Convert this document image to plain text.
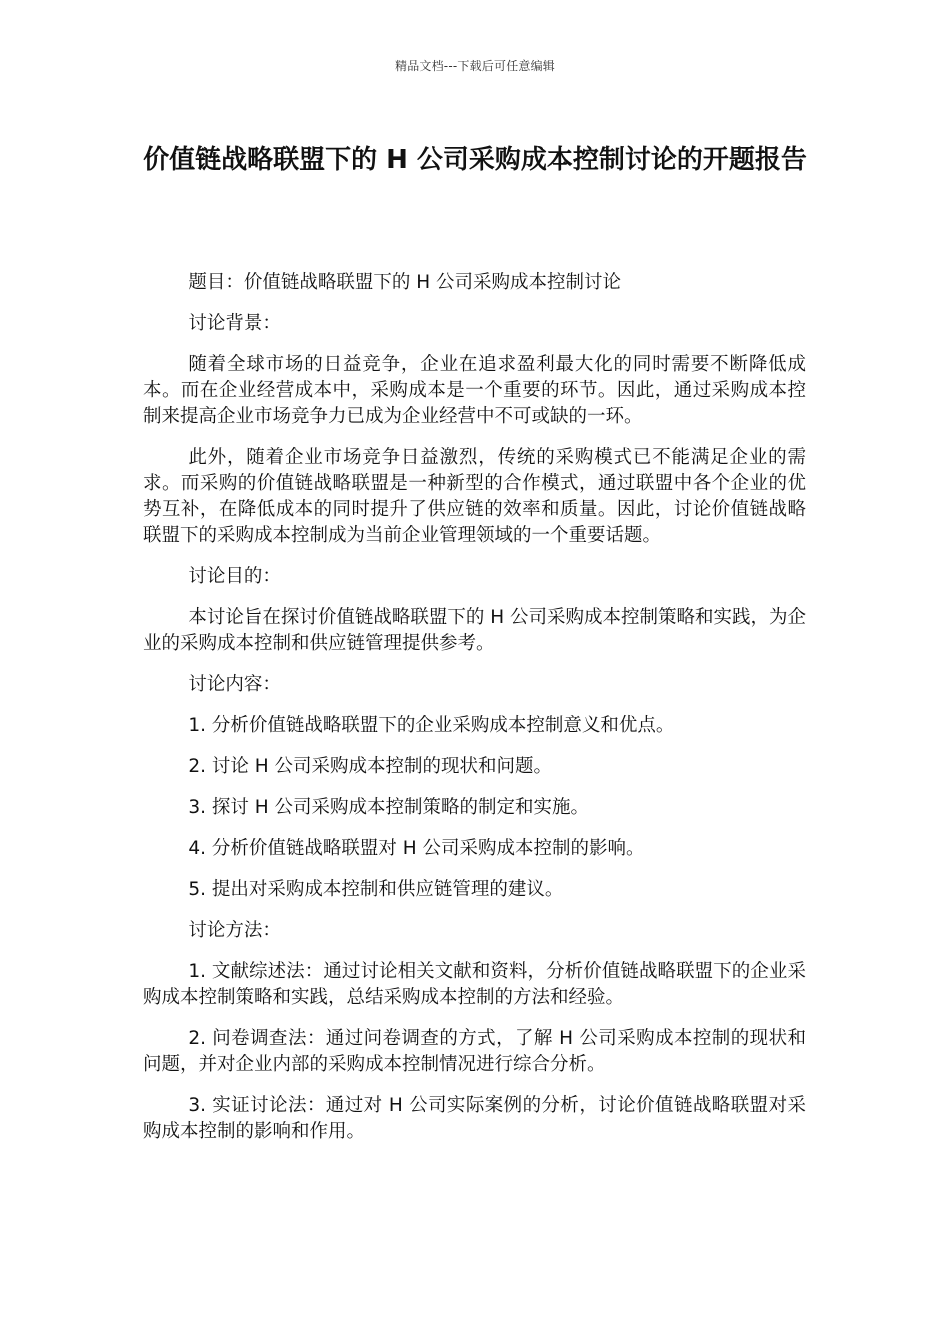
精品文档---下载后可任意编辑
价值链战略联盟下的 H 公司采购成本控制讨论的开题报告

题目：价值链战略联盟下的 H 公司采购成本控制讨论

讨论背景：

随着全球市场的日益竞争，企业在追求盈利最大化的同时需要不断降低成本。而在企业经营成本中，采购成本是一个重要的环节。因此，通过采购成本控制来提高企业市场竞争力已成为企业经营中不可或缺的一环。

此外，随着企业市场竞争日益激烈，传统的采购模式已不能满足企业的需求。而采购的价值链战略联盟是一种新型的合作模式，通过联盟中各个企业的优势互补，在降低成本的同时提升了供应链的效率和质量。因此，讨论价值链战略联盟下的采购成本控制成为当前企业管理领域的一个重要话题。

讨论目的：

本讨论旨在探讨价值链战略联盟下的 H 公司采购成本控制策略和实践，为企业的采购成本控制和供应链管理提供参考。

讨论内容：

1. 分析价值链战略联盟下的企业采购成本控制意义和优点。

2. 讨论 H 公司采购成本控制的现状和问题。

3. 探讨 H 公司采购成本控制策略的制定和实施。

4. 分析价值链战略联盟对 H 公司采购成本控制的影响。

5. 提出对采购成本控制和供应链管理的建议。

讨论方法：

1. 文献综述法：通过讨论相关文献和资料，分析价值链战略联盟下的企业采购成本控制策略和实践，总结采购成本控制的方法和经验。

2. 问卷调查法：通过问卷调查的方式，了解 H 公司采购成本控制的现状和问题，并对企业内部的采购成本控制情况进行综合分析。

3. 实证讨论法：通过对 H 公司实际案例的分析，讨论价值链战略联盟对采购成本控制的影响和作用。
